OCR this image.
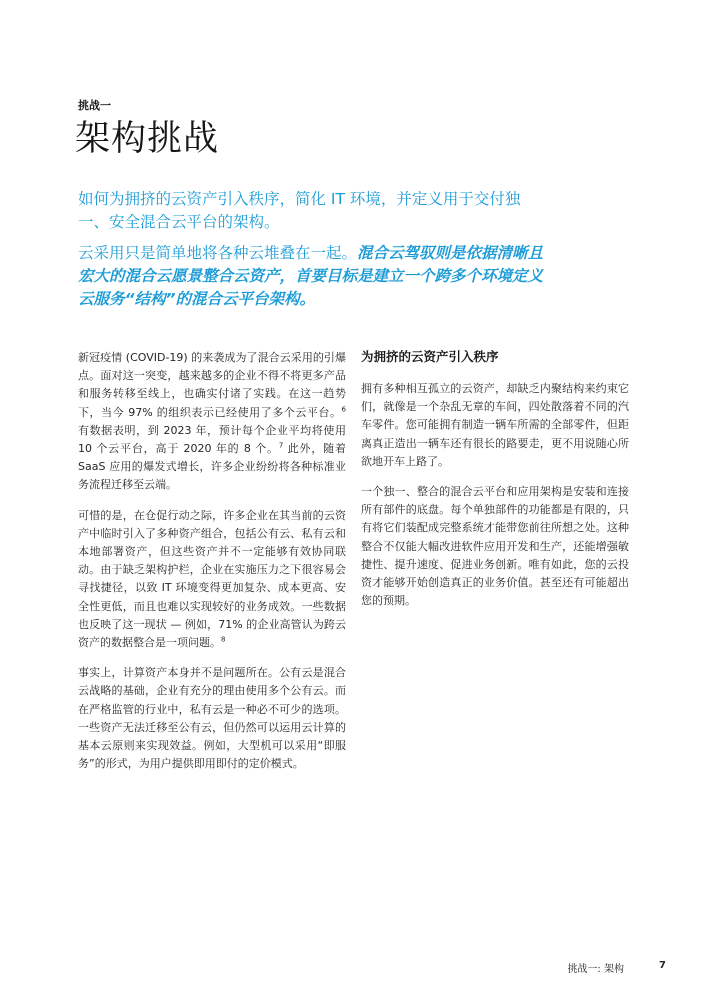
挑战一

架构挑战

如何为拥挤的云资产引入秩序，简化 IT 环境，并定义用于交付独一、安全混合云平台的架构。

云采用只是简单地将各种云堆叠在一起。混合云驾驭则是依据清晰且宏大的混合云愿景整合云资产，首要目标是建立一个跨多个环境定义云服务“结构”的混合云平台架构。

新冠疫情 (COVID-19) 的来袭成为了混合云采用的引爆点。面对这一突变，越来越多的企业不得不将更多产品和服务转移至线上，也确实付诸了实践。在这一趋势下，当今 97% 的组织表示已经使用了多个云平台。$^6$ 有数据表明，到 2023 年，预计每个企业平均将使用 10 个云平台，高于 2020 年的 8 个。$^7$ 此外，随着 SaaS 应用的爆发式增长，许多企业纷纷将各种标准业务流程迁移至云端。

可惜的是，在仓促行动之际，许多企业在其当前的云资产中临时引入了多种资产组合，包括公有云、私有云和本地部署资产，但这些资产并不一定能够有效协同联动。由于缺乏架构护栏，企业在实施压力之下很容易会寻找捷径，以致 IT 环境变得更加复杂、成本更高、安全性更低，而且也难以实现较好的业务成效。一些数据也反映了这一现状 — 例如，71% 的企业高管认为跨云资产的数据整合是一项问题。$^8$

事实上，计算资产本身并不是问题所在。公有云是混合云战略的基础，企业有充分的理由使用多个公有云。而在严格监管的行业中，私有云是一种必不可少的选项。一些资产无法迁移至公有云，但仍然可以运用云计算的基本云原则来实现效益。例如，大型机可以采用“即服务”的形式，为用户提供即用即付的定价模式。

为拥挤的云资产引入秩序

拥有多种相互孤立的云资产，却缺乏内聚结构来约束它们，就像是一个杂乱无章的车间，四处散落着不同的汽车零件。您可能拥有制造一辆车所需的全部零件，但距离真正造出一辆车还有很长的路要走，更不用说随心所欲地开车上路了。

一个独一、整合的混合云平台和应用架构是安装和连接所有部件的底盘。每个单独部件的功能都是有限的，只有将它们装配成完整系统才能带您前往所想之处。这种整合不仅能大幅改进软件应用开发和生产，还能增强敏捷性、提升速度、促进业务创新。唯有如此，您的云投资才能够开始创造真正的业务价值。甚至还有可能超出您的预期。

挑战一: 架构	7
